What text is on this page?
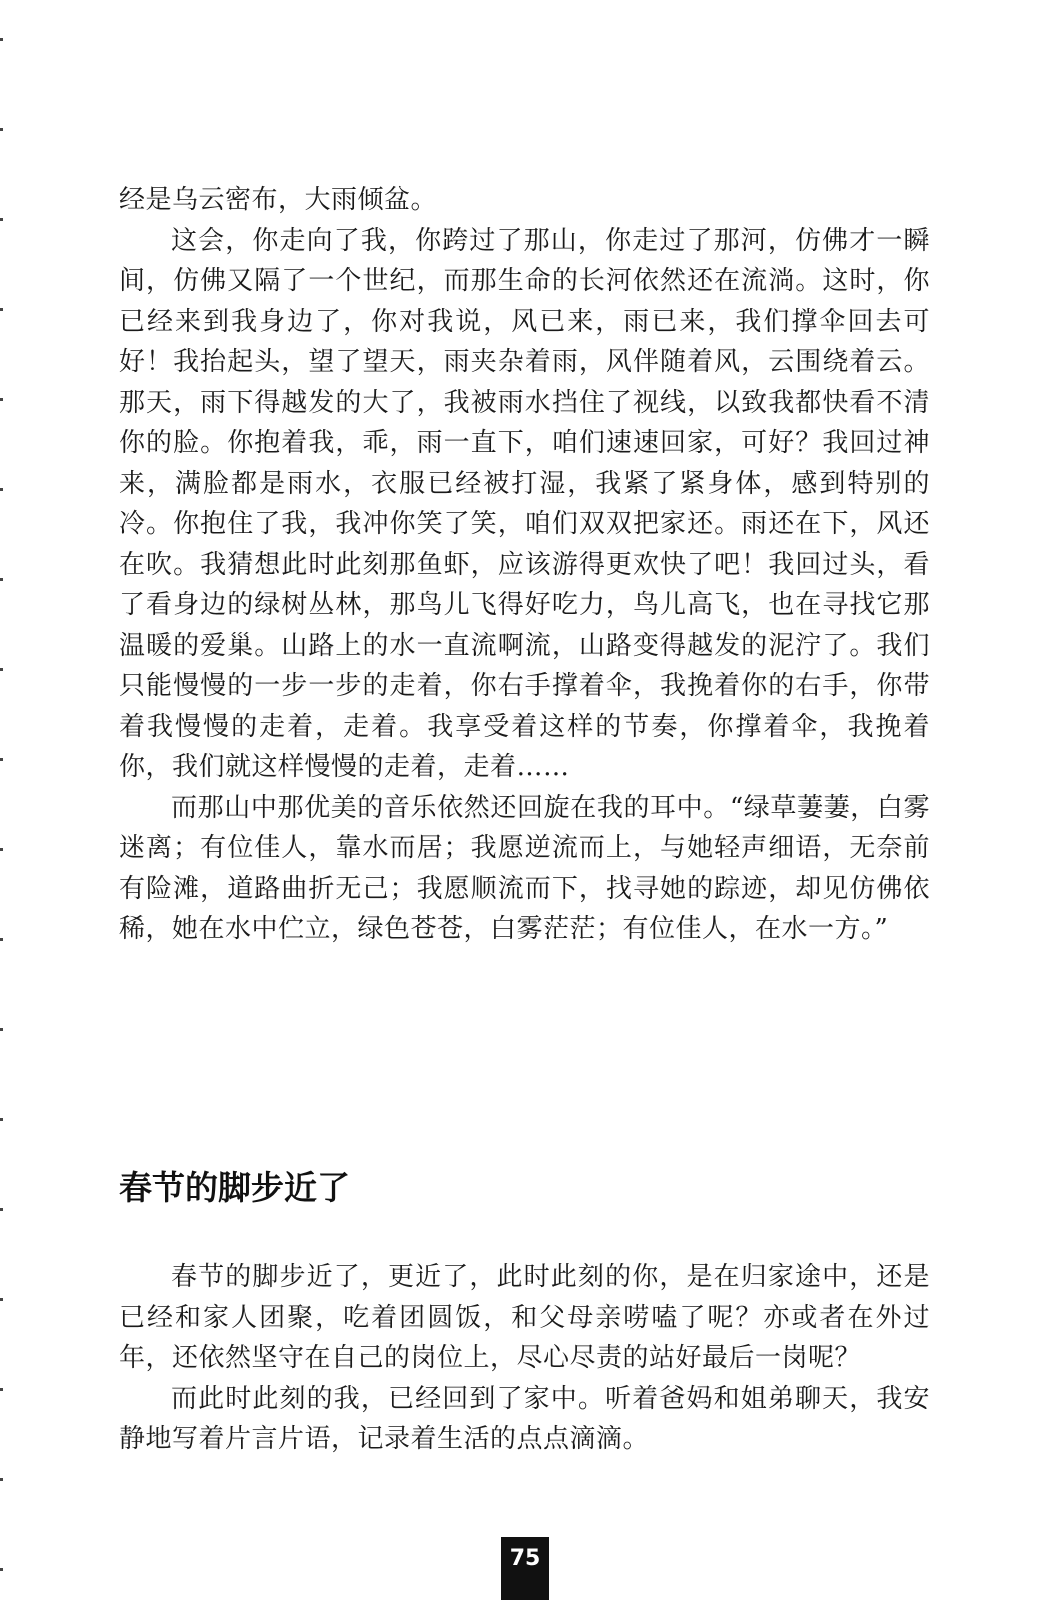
经是乌云密布，大雨倾盆。

这会，你走向了我，你跨过了那山，你走过了那河，仿佛才一瞬间，仿佛又隔了一个世纪，而那生命的长河依然还在流淌。这时，你已经来到我身边了，你对我说，风已来，雨已来，我们撑伞回去可好！我抬起头，望了望天，雨夹杂着雨，风伴随着风，云围绕着云。那天，雨下得越发的大了，我被雨水挡住了视线，以致我都快看不清你的脸。你抱着我，乖，雨一直下，咱们速速回家，可好？我回过神来，满脸都是雨水，衣服已经被打湿，我紧了紧身体，感到特别的冷。你抱住了我，我冲你笑了笑，咱们双双把家还。雨还在下，风还在吹。我猜想此时此刻那鱼虾，应该游得更欢快了吧！我回过头，看了看身边的绿树丛林，那鸟儿飞得好吃力，鸟儿高飞，也在寻找它那温暖的爱巢。山路上的水一直流啊流，山路变得越发的泥泞了。我们只能慢慢的一步一步的走着，你右手撑着伞，我挽着你的右手，你带着我慢慢的走着，走着。我享受着这样的节奏，你撑着伞，我挽着你，我们就这样慢慢的走着，走着……

而那山中那优美的音乐依然还回旋在我的耳中。“绿草萋萋，白雾迷离；有位佳人，靠水而居；我愿逆流而上，与她轻声细语，无奈前有险滩，道路曲折无己；我愿顺流而下，找寻她的踪迹，却见仿佛依稀，她在水中伫立，绿色苍苍，白雾茫茫；有位佳人，在水一方。”

春节的脚步近了

春节的脚步近了，更近了，此时此刻的你，是在归家途中，还是已经和家人团聚，吃着团圆饭，和父母亲唠嗑了呢？亦或者在外过年，还依然坚守在自己的岗位上，尽心尽责的站好最后一岗呢？

而此时此刻的我，已经回到了家中。听着爸妈和姐弟聊天，我安静地写着片言片语，记录着生活的点点滴滴。

75
